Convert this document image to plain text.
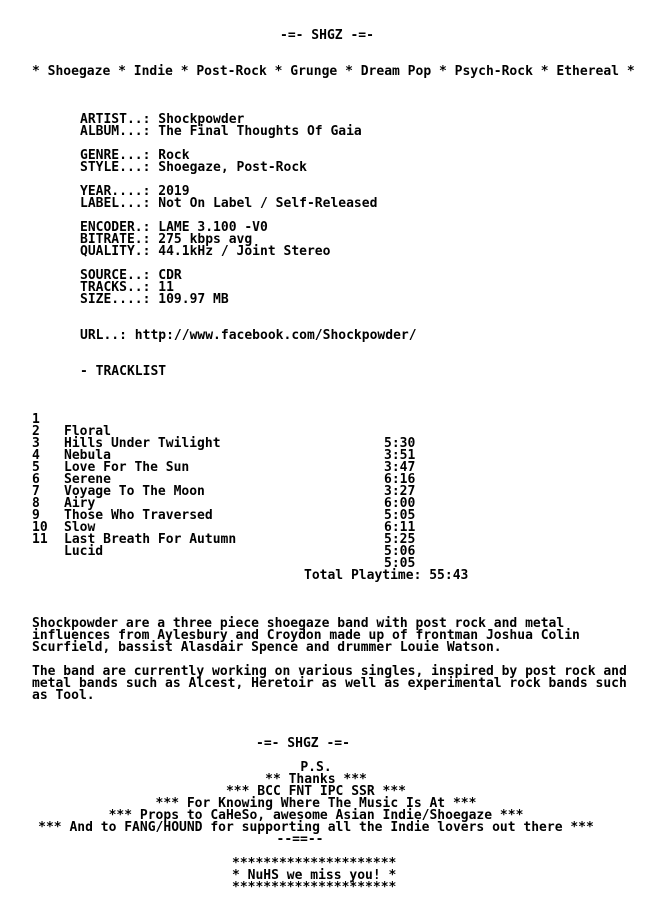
-=- SHGZ -=-
* Shoegaze * Indie * Post-Rock * Grunge * Dream Pop * Psych-Rock * Ethereal *
ARTIST..: Shockpowder
ALBUM...: The Final Thoughts Of Gaia
GENRE...: Rock
STYLE...: Shoegaze, Post-Rock
YEAR....: 2019
LABEL...: Not On Label / Self-Released
ENCODER.: LAME 3.100 -V0
BITRATE.: 275 kbps avg
QUALITY.: 44.1kHz / Joint Stereo
SOURCE..: CDR
TRACKS..: 11
SIZE....: 109.97 MB
URL..: http://www.facebook.com/Shockpowder/
- TRACKLIST

1

Floral

5:30

2

Hills Under Twilight

3:51

3

Nebula

3:47

4

Love For The Sun

6:16

5

Serene

3:27

6

Voyage To The Moon

6:00

7

Airy

5:05

8

Those Who Traversed

6:11

9

Slow

5:25

10

Last Breath For Autumn

5:06

11

Lucid

5:05

Total Playtime: 55:43
Shockpowder are a three piece shoegaze band with post rock and metal
influences from Aylesbury and Croydon made up of frontman Joshua Colin
Scurfield, bassist Alasdair Spence and drummer Louie Watson.
The band are currently working on various singles, inspired by post rock and
metal bands such as Alcest, Heretoir as well as experimental rock bands such
as Tool.
-=- SHGZ -=-
P.S.
** Thanks ***
*** BCC FNT IPC SSR ***
*** For Knowing Where The Music Is At ***
*** Props to CaHeSo, awesome Asian Indie/Shoegaze ***
*** And to FANG/HOUND for supporting all the Indie lovers out there ***
--==--
*********************
* NuHS we miss you! *
*********************
